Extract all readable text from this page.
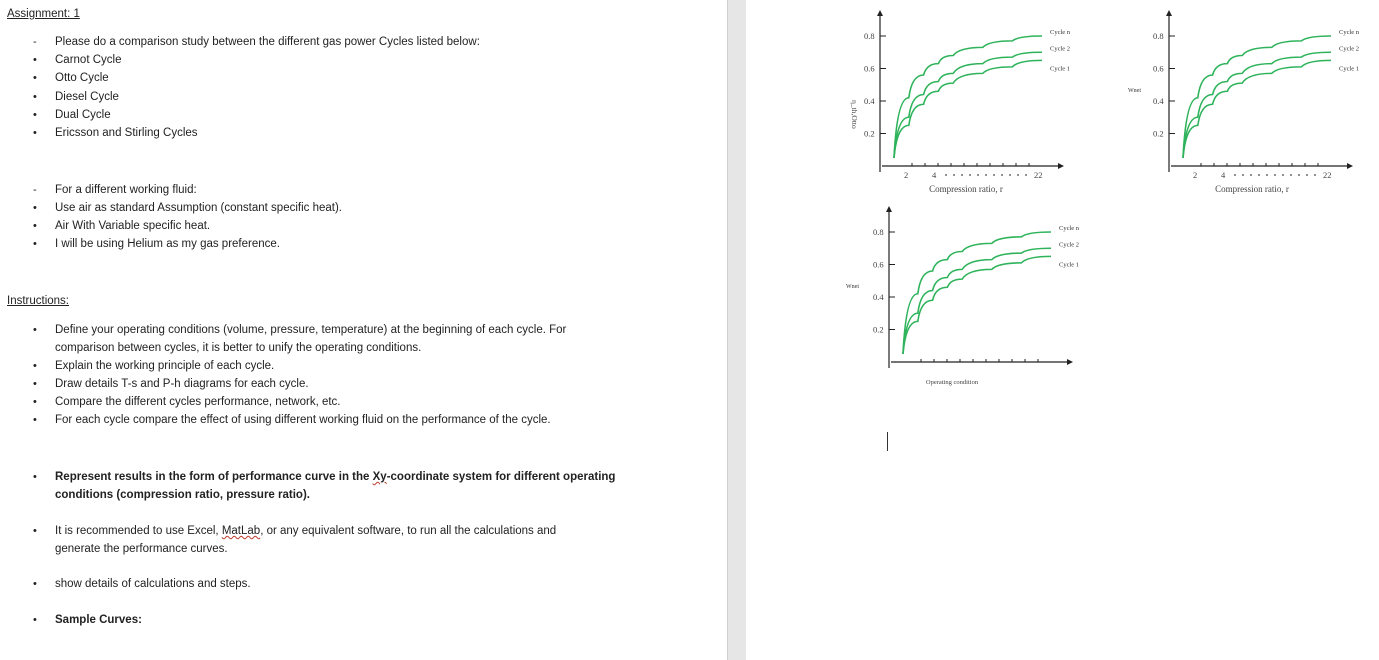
Assignment: 1
- Please do a comparison study between the different gas power Cycles listed below:
• Carnot Cycle
• Otto Cycle
• Diesel Cycle
• Dual Cycle
• Ericsson and Stirling Cycles
- For a different working fluid:
• Use air as standard Assumption (constant specific heat).
• Air With Variable specific heat.
• I will be using Helium as my gas preference.
Instructions:
• Define your operating conditions (volume, pressure, temperature) at the beginning of each cycle. For
comparison between cycles, it is better to unify the operating conditions.
• Explain the working principle of each cycle.
• Draw details T-s and P-h diagrams for each cycle.
• Compare the different cycles performance, network, etc.
• For each cycle compare the effect of using different working fluid on the performance of the cycle.
• Represent results in the form of performance curve in the Xy-coordinate system for different operating
conditions (compression ratio, pressure ratio).
• It is recommended to use Excel, MatLab, or any equivalent software, to run all the calculations and
generate the performance curves.
• show details of calculations and steps.
• Sample Curves:
0.2
0.4
0.6
0.8
2	4	22
Compression ratio, r
η_th,Otto
Cycle n
Cycle 2
Cycle 1
0.2
0.4
0.6
0.8
2	4	22
Compression ratio, r
Wnet
Cycle n
Cycle 2
Cycle 1
0.2
0.4
0.6
0.8
Operating condition
Wnet
Cycle n
Cycle 2
Cycle 1
